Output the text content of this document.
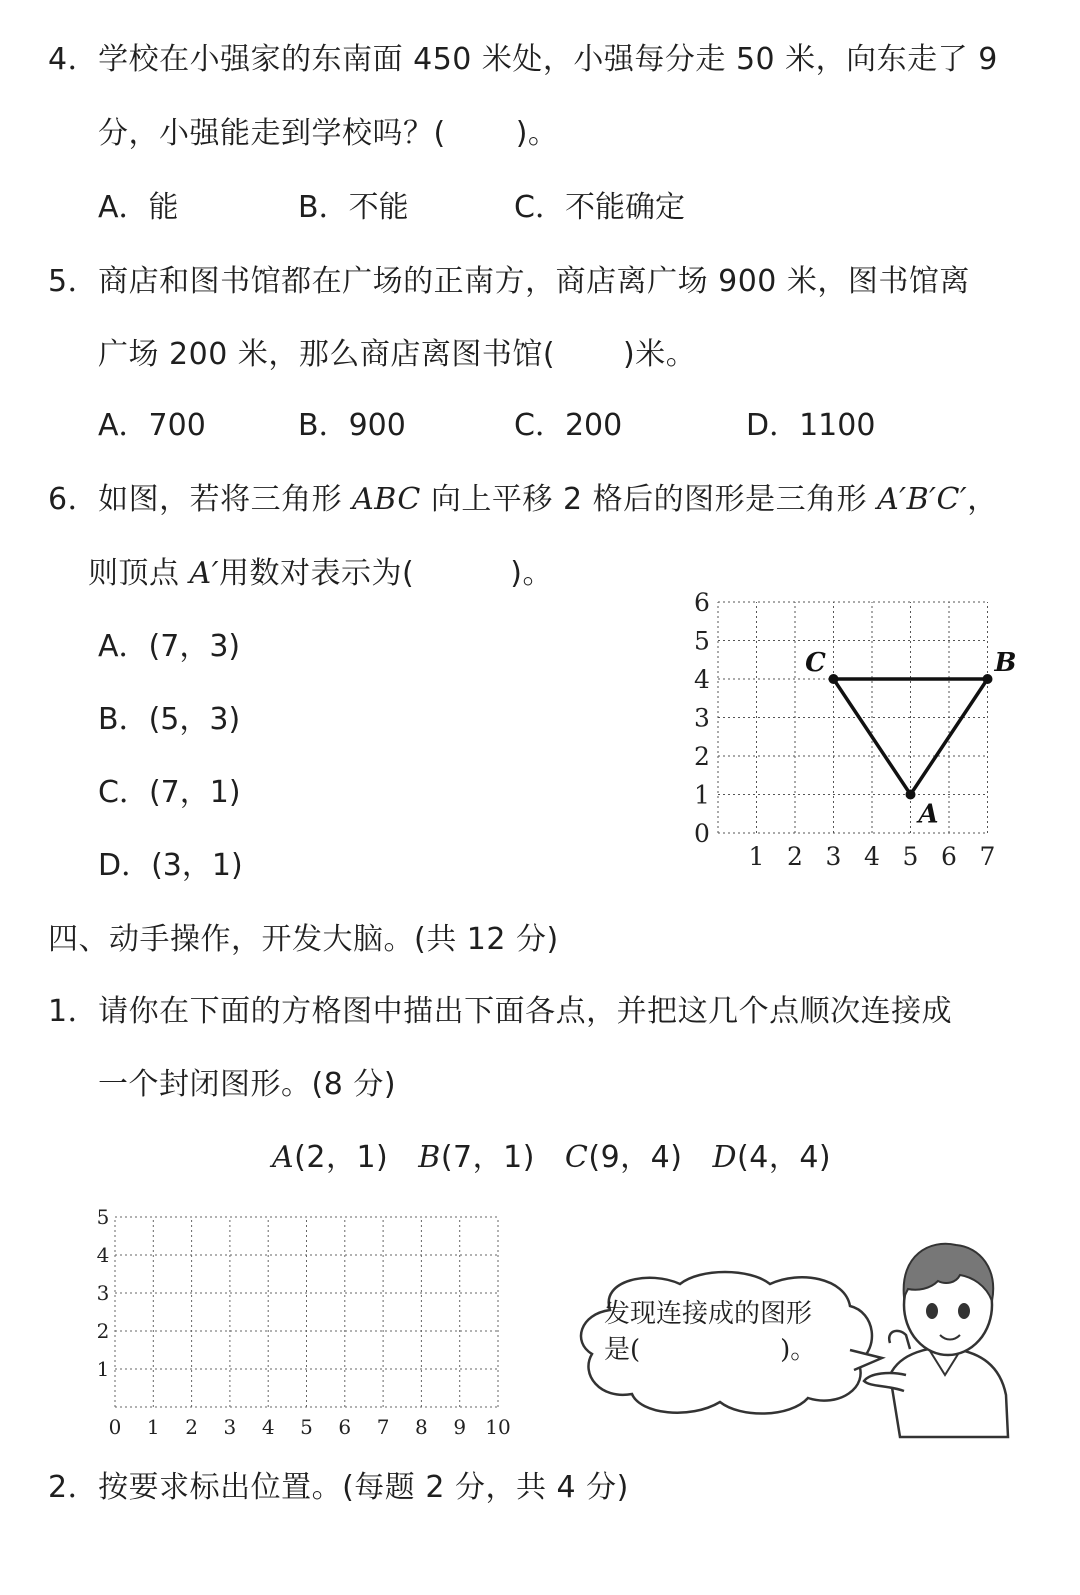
4．学校在小强家的东南面 450 米处，小强每分走 50 米，向东走了 9
分，小强能走到学校吗？( )。
A．能	B．不能	C．不能确定
5．商店和图书馆都在广场的正南方，商店离广场 900 米，图书馆离
广场 200 米，那么商店离图书馆( )米。
A．700	B．900	C．200	D．1100
6．如图，若将三角形 ABC 向上平移 2 格后的图形是三角形 A′B′C′，
则顶点 A′用数对表示为(	)。
A．(7，3)
B．(5，3)
C．(7，1)
D．(3，1)	1 2 3 4 5 6 7
0
1
2
3
4
5
6
A
B
C
四、动手操作，开发大脑。(共 12 分)
1．请你在下面的方格图中描出下面各点，并把这几个点顺次连接成
一个封闭图形。(8 分)
A(2，1) B(7，1) C(9，4) D(4，4)
0 1 2 3 4 5 6 7 8 9 10
1
2
3
4
5
发现连接成的图形
是(	)。
2．按要求标出位置。(每题 2 分，共 4 分)
